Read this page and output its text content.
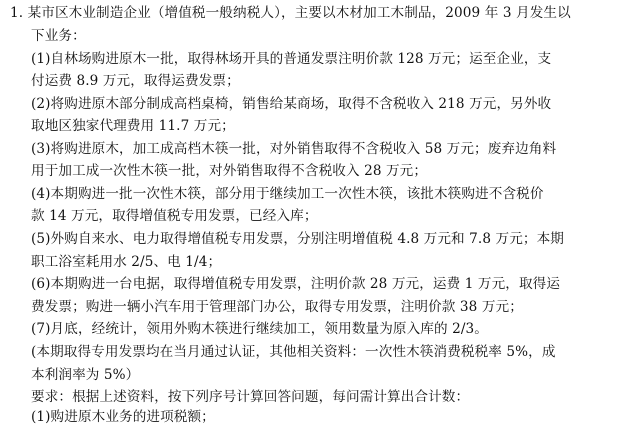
1. 某市区木业制造企业（增值税一般纳税人），主要以木材加工木制品，2009 年 3 月发生以
下业务：
(1)自林场购进原木一批，取得林场开具的普通发票注明价款 128 万元；运至企业，支
付运费 8.9 万元，取得运费发票；
(2)将购进原木部分制成高档桌椅，销售给某商场，取得不含税收入 218 万元，另外收
取地区独家代理费用 11.7 万元；
(3)将购进原木，加工成高档木筷一批，对外销售取得不含税收入 58 万元；废弃边角料
用于加工成一次性木筷一批，对外销售取得不含税收入 28 万元；
(4)本期购进一批一次性木筷，部分用于继续加工一次性木筷，该批木筷购进不含税价
款 14 万元，取得增值税专用发票，已经入库；
(5)外购自来水、电力取得增值税专用发票，分别注明增值税 4.8 万元和 7.8 万元；本期
职工浴室耗用水 2/5、电 1/4；
(6)本期购进一台电据，取得增值税专用发票，注明价款 28 万元，运费 1 万元，取得运
费发票；购进一辆小汽车用于管理部门办公，取得专用发票，注明价款 38 万元；
(7)月底，经统计，领用外购木筷进行继续加工，领用数量为原入库的 2/3。
(本期取得专用发票均在当月通过认证，其他相关资料：一次性木筷消费税税率 5%，成
本利润率为 5%）
要求：根据上述资料，按下列序号计算回答问题，每问需计算出合计数：
(1)购进原木业务的进项税额；
